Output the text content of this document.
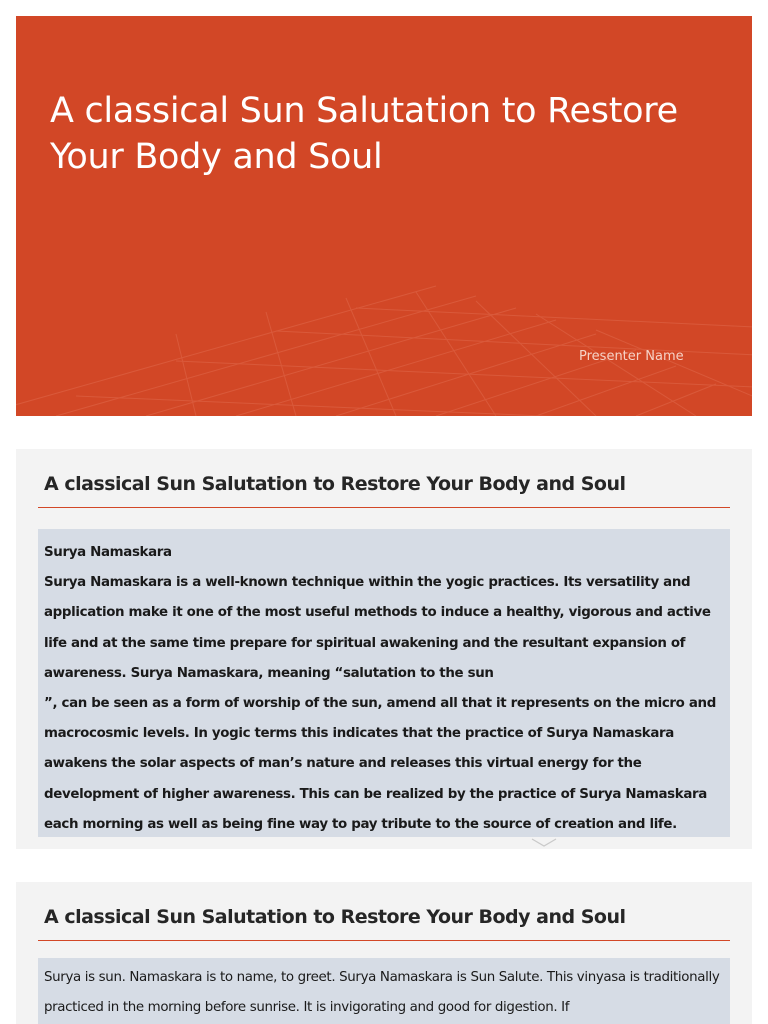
A classical Sun Salutation to Restore Your Body and Soul
Presenter Name
A classical Sun Salutation to Restore Your Body and Soul

Surya Namaskara

Surya Namaskara is a well-known technique within the yogic practices. Its versatility and application make it one of the most useful methods to induce a healthy, vigorous and active life and at the same time prepare for spiritual awakening and the resultant expansion of awareness. Surya Namaskara, meaning “salutation to the sun

”, can be seen as a form of worship of the sun, amend all that it represents on the micro and macrocosmic levels. In yogic terms this indicates that the practice of Surya Namaskara awakens the solar aspects of man’s nature and releases this virtual energy for the development of higher awareness. This can be realized by the practice of Surya Namaskara each morning as well as being fine way to pay tribute to the source of creation and life.

A classical Sun Salutation to Restore Your Body and Soul

Surya is sun. Namaskara is to name, to greet. Surya Namaskara is Sun Salute. This vinyasa is traditionally practiced in the morning before sunrise. It is invigorating and good for digestion. If
